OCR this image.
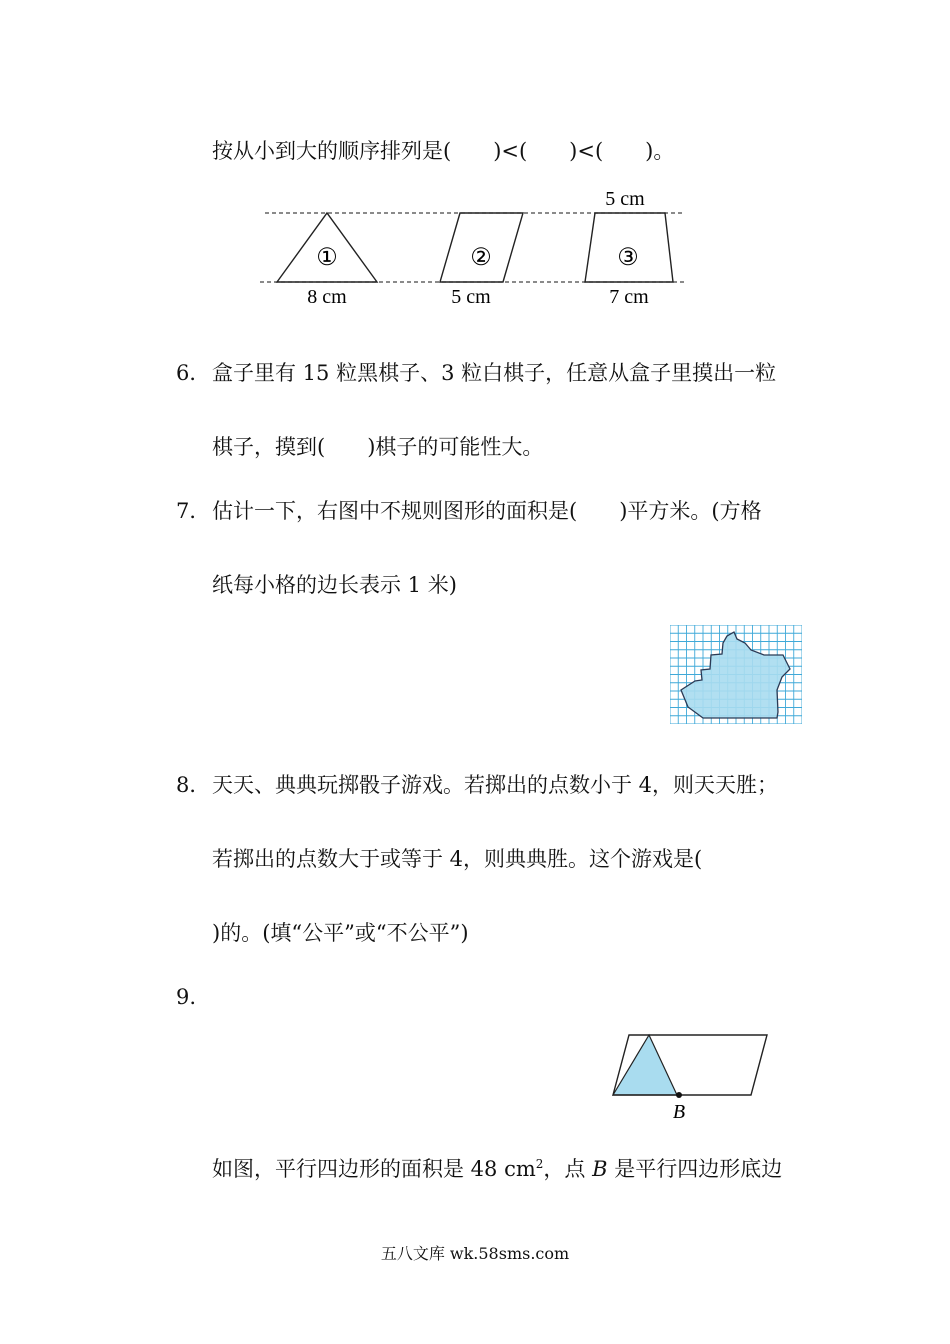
按从小到大的顺序排列是(　　)<(　　)<(　　)。
①	②	③
5 cm
8 cm	5 cm	7 cm
6． 盒子里有 15 粒黑棋子、3 粒白棋子，任意从盒子里摸出一粒
棋子，摸到(　　)棋子的可能性大。
7． 估计一下，右图中不规则图形的面积是(　　)平方米。(方格
纸每小格的边长表示 1 米)
8． 天天、典典玩掷骰子游戏。若掷出的点数小于 4，则天天胜；
若掷出的点数大于或等于 4，则典典胜。这个游戏是(
)的。(填“公平”或“不公平”)
9.
B
如图，平行四边形的面积是 48 $cm^2$，点 B 是平行四边形底边
五八文库 wk.58sms.com
